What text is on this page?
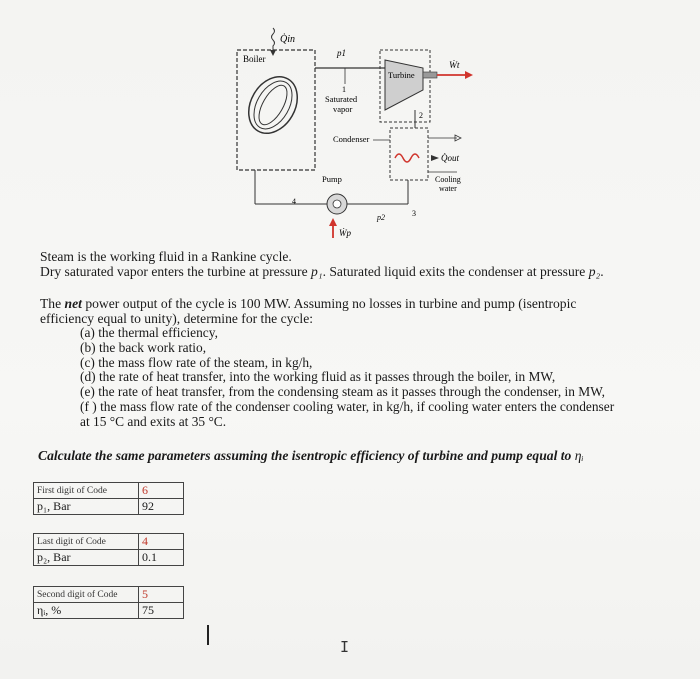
Boiler
Q̇in
p1
1
Saturated
vapor
Turbine
Ẇt
2
Condenser
Q̇out
Cooling
water
Pump
Ẇp
p2	3
4
Steam is the working fluid in a Rankine cycle.
Dry saturated vapor enters the turbine at pressure p₁. Saturated liquid exits the condenser at pressure p₂.
The net power output of the cycle is 100 MW. Assuming no losses in turbine and pump (isentropic
efficiency equal to unity), determine for the cycle:
(a) the thermal efficiency,
(b) the back work ratio,
(c) the mass flow rate of the steam, in kg/h,
(d) the rate of heat transfer, into the working fluid as it passes through the boiler, in MW,
(e) the rate of heat transfer, from the condensing steam as it passes through the condenser, in MW,
(f ) the mass flow rate of the condenser cooling water, in kg/h, if cooling water enters the condenser
at 15 °C and exits at 35 °C.
Calculate the same parameters assuming the isentropic efficiency of turbine and pump equal to ηᵢ
First digit of Code	6
p₁, Bar	92
Last digit of Code	4
p₂, Bar	0.1
Second digit of Code	5
ηᵢ, %	75
I
